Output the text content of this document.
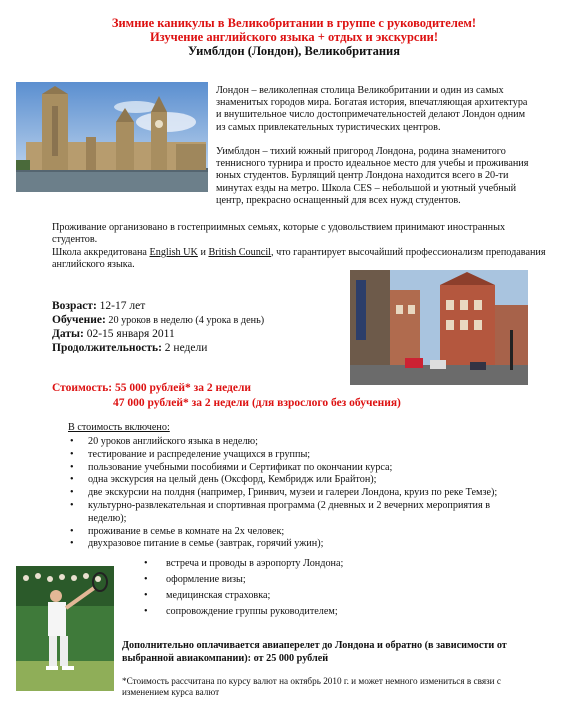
Зимние каникулы в Великобритании в группе с руководителем!
Изучение английского языка + отдых и экскурсии!
Уимблдон (Лондон), Великобритания
Лондон – великолепная столица Великобритании и один из самых знаменитых городов мира. Богатая история, впечатляющая архитектура и внушительное число достопримечательностей делают Лондон одним из самых привлекательных туристических центров.
Уимблдон – тихий южный пригород Лондона, родина знаменитого теннисного турнира и просто идеальное место для учебы и проживания юных студентов. Бурлящий центр Лондона находится всего в 20-ти минутах езды на метро. Школа CES – небольшой и уютный учебный центр, прекрасно оснащенный для всех нужд студентов.
Проживание организовано в гостеприимных семьях, которые с удовольствием принимают иностранных студентов.
Школа аккредитована English UK и British Council, что гарантирует высочайший профессионализм преподавания английского языка.
Возраст: 12-17 лет
Обучение: 20 уроков в неделю (4 урока в день)
Даты: 02-15 января 2011
Продолжительность: 2 недели
Стоимость: 55 000 рублей* за 2 недели
47 000 рублей* за 2 недели (для взрослого без обучения)
В стоимость включено:
• 20 уроков английского языка в неделю;
• тестирование и распределение учащихся в группы;
• пользование учебными пособиями и Сертификат по окончании курса;
• одна экскурсия на целый день (Оксфорд, Кембридж или Брайтон);
• две экскурсии на полдня (например, Гринвич, музеи и галереи Лондона, круиз по реке Темзе);
• культурно-развлекательная и спортивная программа (2 дневных и 2 вечерних мероприятия в неделю);
• проживание в семье в комнате на 2х человек;
• двухразовое питание в семье (завтрак, горячий ужин);
• встреча и проводы в аэропорту Лондона;
• оформление визы;
• медицинская страховка;
• сопровождение группы руководителем;
Дополнительно оплачивается авиаперелет до Лондона и обратно (в зависимости от выбранной авиакомпании): от 25 000 рублей
*Стоимость рассчитана по курсу валют на октябрь 2010 г. и может немного измениться в связи с изменением курса валют
